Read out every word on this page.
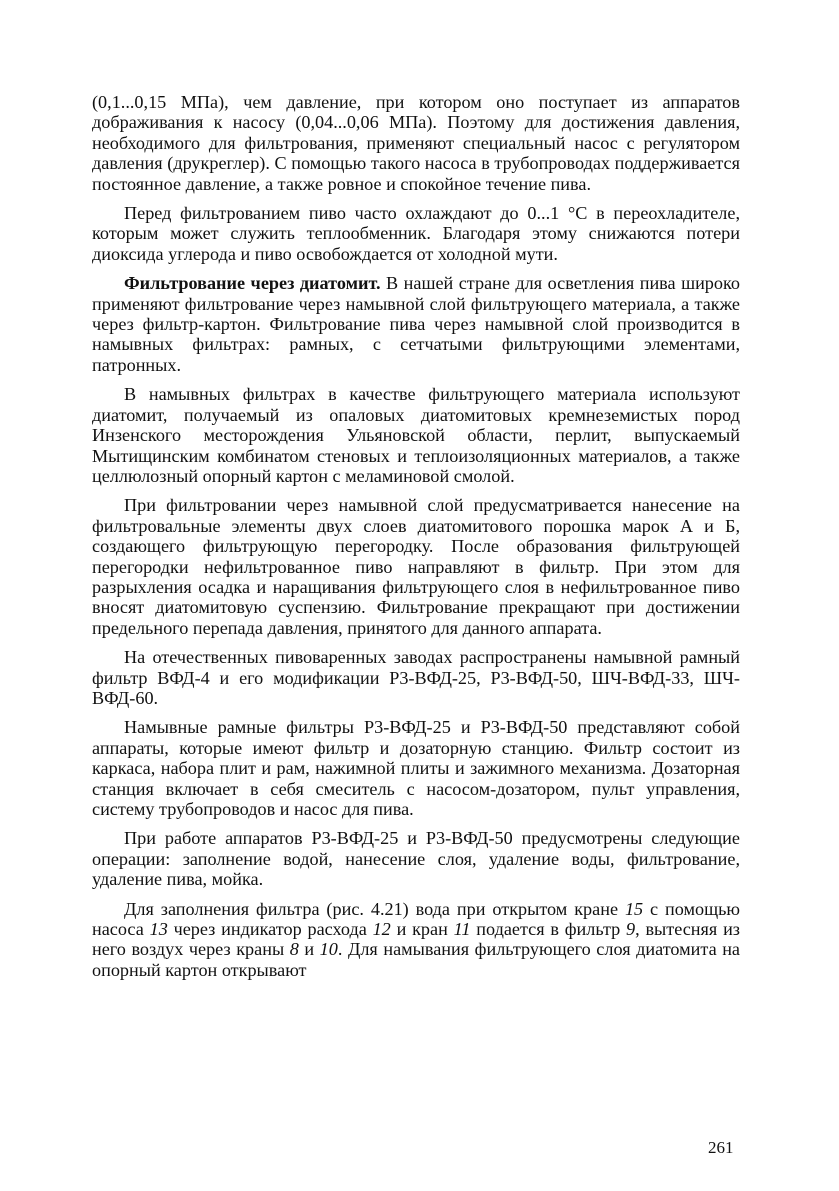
(0,1...0,15 МПа), чем давление, при котором оно поступает из аппаратов дображивания к насосу (0,04...0,06 МПа). Поэтому для достижения давления, необходимого для фильтрования, применяют специальный насос с регулятором давления (друкреглер). С помощью такого насоса в трубопроводах поддерживается постоянное давление, а также ровное и спокойное течение пива.

Перед фильтрованием пиво часто охлаждают до 0...1 °С в переохладителе, которым может служить теплообменник. Благодаря этому снижаются потери диоксида углерода и пиво освобождается от холодной мути.

Фильтрование через диатомит. В нашей стране для осветления пива широко применяют фильтрование через намывной слой фильтрующего материала, а также через фильтр-картон. Фильтрование пива через намывной слой производится в намывных фильтрах: рамных, с сетчатыми фильтрующими элементами, патронных.

В намывных фильтрах в качестве фильтрующего материала используют диатомит, получаемый из опаловых диатомитовых кремнеземистых пород Инзенского месторождения Ульяновской области, перлит, выпускаемый Мытищинским комбинатом стеновых и теплоизоляционных материалов, а также целлюлозный опорный картон с меламиновой смолой.

При фильтровании через намывной слой предусматривается нанесение на фильтровальные элементы двух слоев диатомитового порошка марок А и Б, создающего фильтрующую перегородку. После образования фильтрующей перегородки нефильтрованное пиво направляют в фильтр. При этом для разрыхления осадка и наращивания фильтрующего слоя в нефильтрованное пиво вносят диатомитовую суспензию. Фильтрование прекращают при достижении предельного перепада давления, принятого для данного аппарата.

На отечественных пивоваренных заводах распространены намывной рамный фильтр ВФД-4 и его модификации Р3-ВФД-25, Р3-ВФД-50, ШЧ-ВФД-33, ШЧ-ВФД-60.

Намывные рамные фильтры Р3-ВФД-25 и Р3-ВФД-50 представляют собой аппараты, которые имеют фильтр и дозаторную станцию. Фильтр состоит из каркаса, набора плит и рам, нажимной плиты и зажимного механизма. Дозаторная станция включает в себя смеситель с насосом-дозатором, пульт управления, систему трубопроводов и насос для пива.

При работе аппаратов Р3-ВФД-25 и Р3-ВФД-50 предусмотрены следующие операции: заполнение водой, нанесение слоя, удаление воды, фильтрование, удаление пива, мойка.

Для заполнения фильтра (рис. 4.21) вода при открытом кране 15 с помощью насоса 13 через индикатор расхода 12 и кран 11 подается в фильтр 9, вытесняя из него воздух через краны 8 и 10. Для намывания фильтрующего слоя диатомита на опорный картон открывают

261
